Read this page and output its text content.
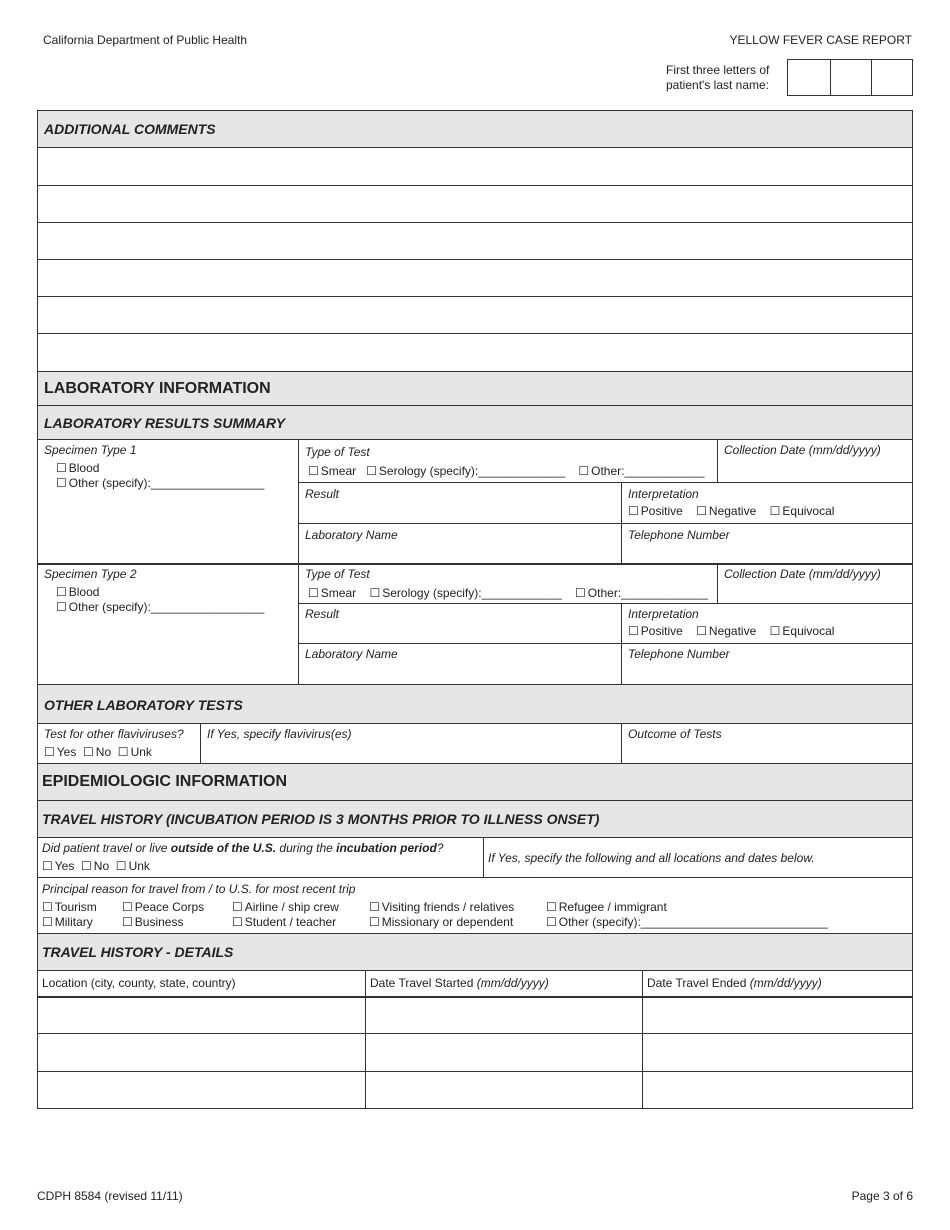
California Department of Public Health	YELLOW FEVER CASE REPORT
First three letters of
patient's last name:
ADDITIONAL COMMENTS
LABORATORY INFORMATION
LABORATORY RESULTS SUMMARY
Specimen Type 1
☐ Blood
☐ Other (specify):_________________
Type of Test
☐ Smear ☐ Serology (specify):_____________ ☐ Other:____________
Collection Date (mm/dd/yyyy)
Result	Interpretation
☐ Positive ☐ Negative ☐ Equivocal
Laboratory Name	Telephone Number
Specimen Type 2
☐ Blood
☐ Other (specify):_________________
Type of Test
☐ Smear ☐ Serology (specify):____________ ☐ Other:_____________
Collection Date (mm/dd/yyyy)
Result	Interpretation
☐ Positive ☐ Negative ☐ Equivocal
Laboratory Name	Telephone Number
OTHER LABORATORY TESTS
Test for other flaviviruses?
☐ Yes ☐ No ☐ Unk
If Yes, specify flavivirus(es)	Outcome of Tests
EPIDEMIOLOGIC INFORMATION
TRAVEL HISTORY (INCUBATION PERIOD IS 3 MONTHS PRIOR TO ILLNESS ONSET)
Did patient travel or live outside of the U.S. during the incubation period?
☐ Yes ☐ No ☐ Unk
If Yes, specify the following and all locations and dates below.
Principal reason for travel from / to U.S. for most recent trip
☐ Tourism ☐ Peace Corps ☐ Airline / ship crew	☐ Visiting friends / relatives	☐ Refugee / immigrant
☐ Military ☐ Business	☐ Student / teacher	☐ Missionary or dependent	☐ Other (specify):____________________________
TRAVEL HISTORY - DETAILS
Location (city, county, state, country)	Date Travel Started (mm/dd/yyyy)	Date Travel Ended (mm/dd/yyyy)
CDPH 8584 (revised 11/11)	Page 3 of 6
